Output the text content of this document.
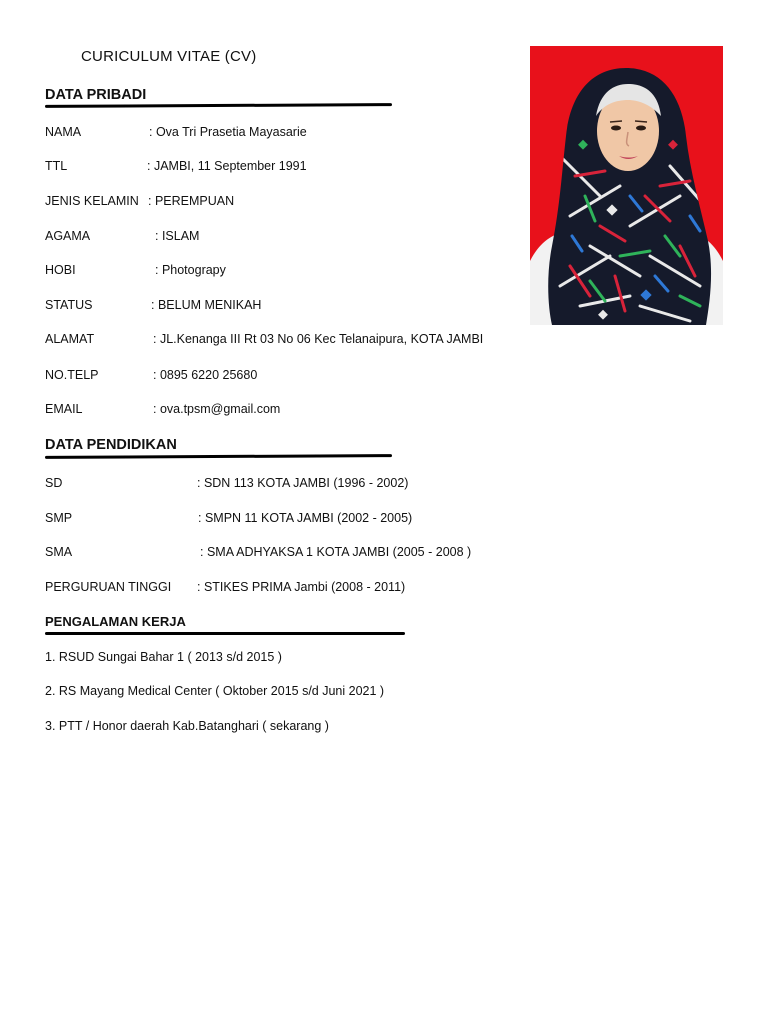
CURICULUM VITAE (CV)
DATA PRIBADI
NAMA	: Ova Tri Prasetia Mayasarie
TTL	: JAMBI, 11 September 1991
JENIS KELAMIN : PEREMPUAN
AGAMA	: ISLAM
HOBI	: Photograpy
STATUS	: BELUM MENIKAH
ALAMAT	: JL.Kenanga III Rt 03 No 06 Kec Telanaipura, KOTA JAMBI
NO.TELP	: 0895 6220 25680
EMAIL	: ova.tpsm@gmail.com
DATA PENDIDIKAN
SD	: SDN 113 KOTA JAMBI (1996 - 2002)
SMP	: SMPN 11 KOTA JAMBI (2002 - 2005)
SMA	: SMA ADHYAKSA 1 KOTA JAMBI (2005 - 2008 )
PERGURUAN TINGGI : STIKES PRIMA Jambi (2008 - 2011)
PENGALAMAN KERJA
1. RSUD Sungai Bahar 1 ( 2013 s/d 2015 )
2. RS Mayang Medical Center ( Oktober 2015 s/d Juni 2021 )
3. PTT / Honor daerah Kab.Batanghari ( sekarang )
